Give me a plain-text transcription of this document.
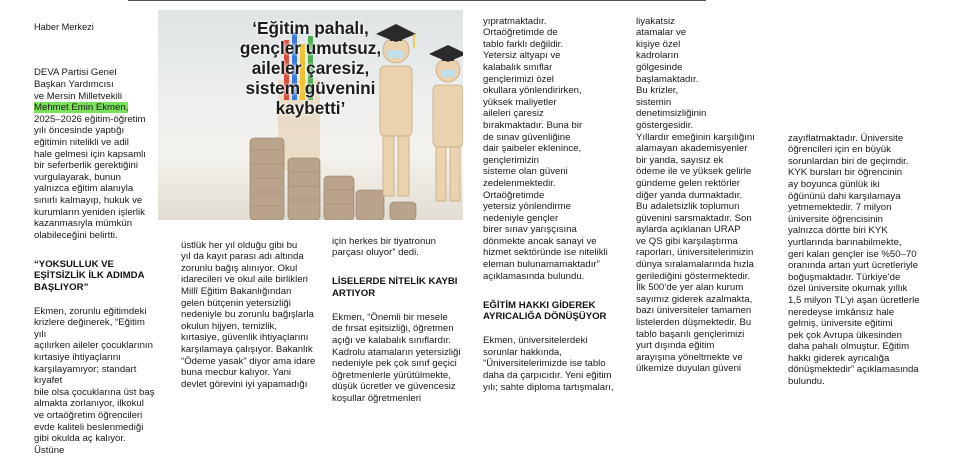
Haber Merkezi

DEVA Partisi Genel
Başkan Yardımcısı
ve Mersin Milletvekili
Mehmet Emin Ekmen,
2025–2026 eğitim-öğretim
yılı öncesinde yaptığı
eğitimin nitelikli ve adil
hale gelmesi için kapsamlı
bir seferberlik gerektiğini
vurgulayarak, bunun
yalnızca eğitim alanıyla
sınırlı kalmayıp, hukuk ve
kurumların yeniden işlerlik
kazanmasıyla mümkün
olabileceğini belirtti.

“YOKSULLUK VE
EŞİTSİZLİK İLK ADIMDA
BAŞLIYOR”

Ekmen, zorunlu eğitimdeki
krizlere değinerek, “Eğitim yılı
açılırken aileler çocuklarının
kırtasiye ihtiyaçlarını
karşılayamıyor; standart kıyafet
bile olsa çocuklarına üst baş
almakta zorlanıyor, ilkokul
ve ortaöğretim öğrencileri
evde kaliteli beslenmediği
gibi okulda aç kalıyor. Üstüne

‘Eğitim pahalı,
gençler umutsuz,
aileler çaresiz,
sistem güvenini
kaybetti’

üstlük her yıl olduğu gibi bu
yıl da kayıt parası adı altında
zorunlu bağış alınıyor. Okul
idarecileri ve okul aile birlikleri
Millî Eğitim Bakanlığından
gelen bütçenin yetersizliği
nedeniyle bu zorunlu bağışlarla
okulun hijyen, temizlik,
kırtasiye, güvenlik ihtiyaçlarını
karşılamaya çalışıyor. Bakanlık
“Ödeme yasak” diyor ama idare
buna mecbur kalıyor. Yani
devlet görevini iyi yapamadığı

için herkes bir tiyatronun
parçası oluyor” dedi.

LİSELERDE NİTELİK KAYBI
ARTIYOR

Ekmen, “Önemli bir mesele
de fırsat eşitsizliği, öğretmen
açığı ve kalabalık sınıflardır.
Kadrolu atamaların yetersizliği
nedeniyle pek çok sınıf geçici
öğretmenlerle yürütülmekte,
düşük ücretler ve güvencesiz
koşullar öğretmenleri

yıpratmaktadır.
Ortaöğretimde de
tablo farklı değildir.
Yetersiz altyapı ve
kalabalık sınıflar
gençlerimizi özel
okullara yönlendirirken,
yüksek maliyetler
aileleri çaresiz
bırakmaktadır. Buna bir
de sınav güvenliğine
dair şaibeler eklenince,
gençlerimizin
sisteme olan güveni
zedelenmektedir.
Ortaöğretimde
yetersiz yönlendirme
nedeniyle gençler
birer sınav yarışçısına
dönmekte ancak sanayi ve
hizmet sektöründe ise nitelikli
eleman bulunamamaktadır”
açıklamasında bulundu.

EĞİTİM HAKKI GİDEREK
AYRICALIĞA DÖNÜŞÜYOR

Ekmen, üniversitelerdeki
sorunlar hakkında,
“Üniversitelerimizde ise tablo
daha da çarpıcıdır. Yeni eğitim
yılı; sahte diploma tartışmaları,

liyakatsiz
atamalar ve
kişiye özel
kadroların
gölgesinde
başlamaktadır.
Bu krizler,
sistemin
denetimsizliğinin
göstergesidir.
Yıllardır emeğinin karşılığını
alamayan akademisyenler
bir yanda, sayısız ek
ödeme ile ve yüksek gelirle
gündeme gelen rektörler
diğer yanda durmaktadır.
Bu adaletsizlik toplumun
güvenini sarsmaktadır. Son
aylarda açıklanan URAP
ve QS gibi karşılaştırma
raporları, üniversitelerimizin
dünya sıralamalarında hızla
gerilediğini göstermektedir.
İlk 500’de yer alan kurum
sayımız giderek azalmakta,
bazı üniversiteler tamamen
listelerden düşmektedir. Bu
tablo başarılı gençlerimizi
yurt dışında eğitim
arayışına yöneltmekte ve
ülkemize duyulan güveni

zayıflatmaktadır. Üniversite
öğrencileri için en büyük
sorunlardan biri de geçimdir.
KYK bursları bir öğrencinin
ay boyunca günlük iki
öğününü dahi karşılamaya
yetmemektedir. 7 milyon
üniversite öğrencisinin
yalnızca dörtte biri KYK
yurtlarında barınabilmekte,
geri kalan gençler ise %50–70
oranında artan yurt ücretleriyle
boğuşmaktadır. Türkiye’de
özel üniversite okumak yıllık
1,5 milyon TL’yi aşan ücretlerle
neredeyse imkânsız hale
gelmiş, üniversite eğitimi
pek çok Avrupa ülkesinden
daha pahalı olmuştur. Eğitim
hakkı giderek ayrıcalığa
dönüşmektedir” açıklamasında
bulundu.
